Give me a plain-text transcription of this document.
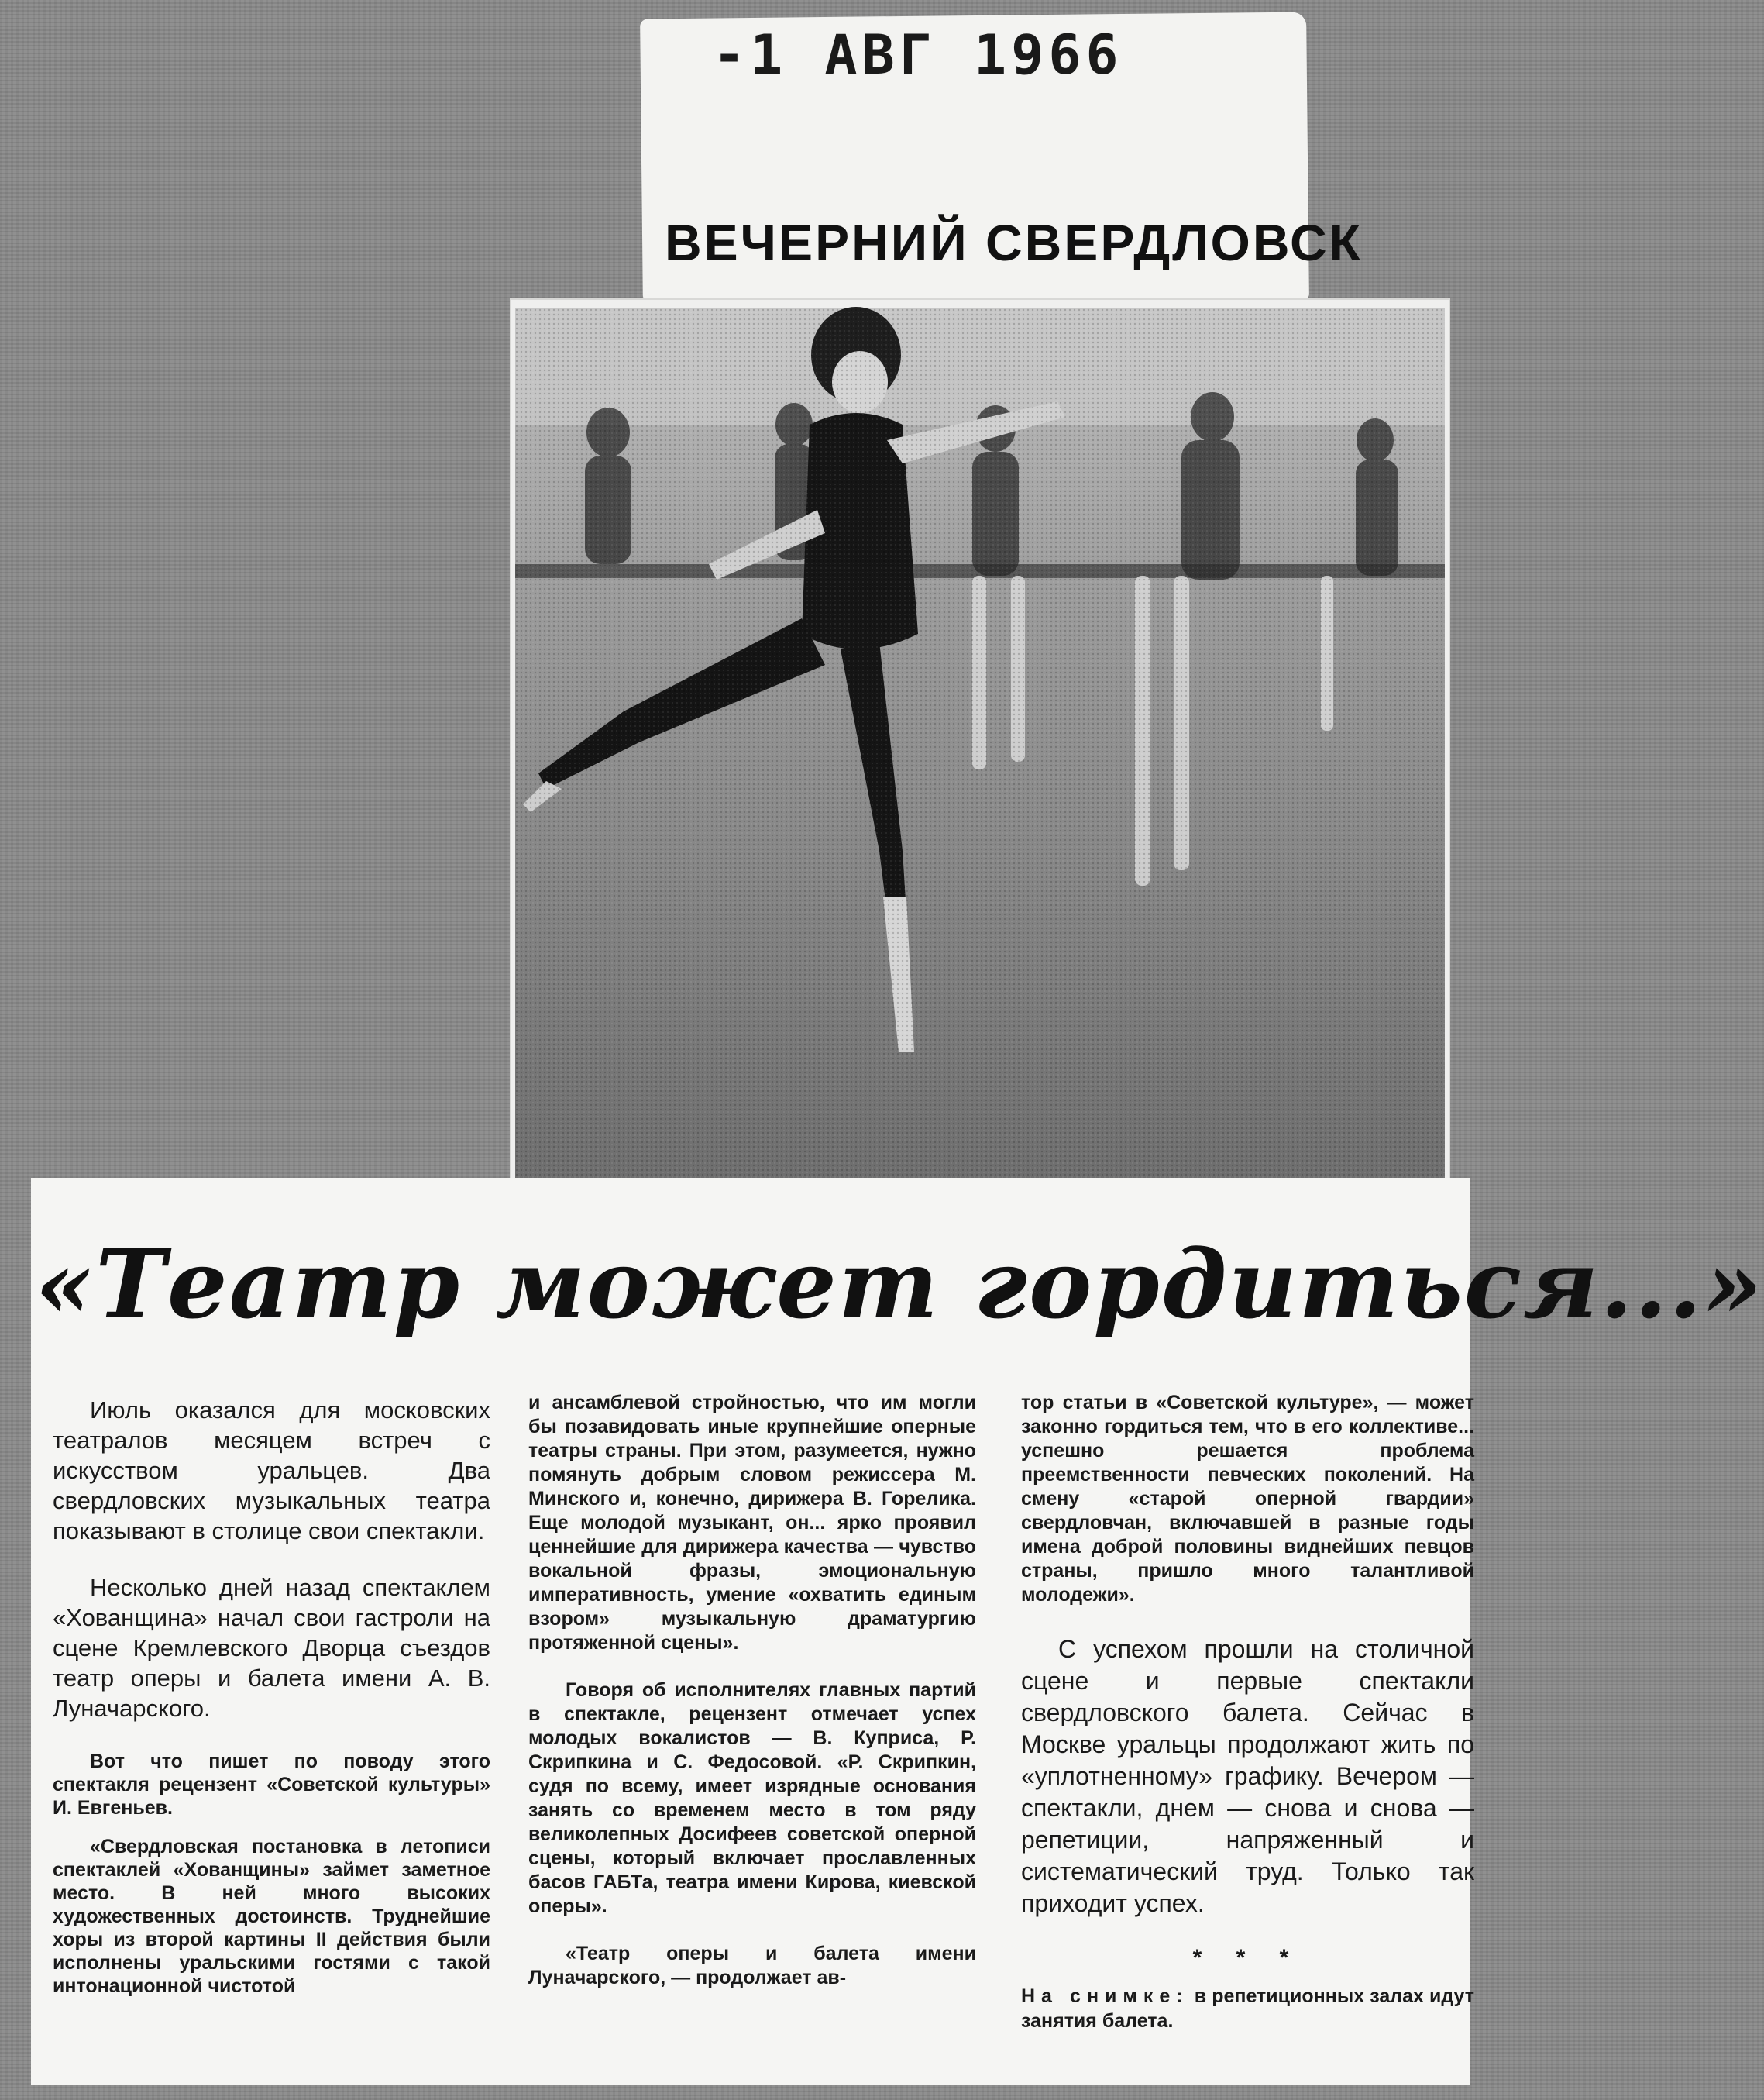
-1 АВГ 1966
ВЕЧЕРНИЙ СВЕРДЛОВСК
«Театр может гордиться...»

Июль оказался для московских театралов месяцем встреч с искусством уральцев. Два свердловских музыкальных театра показывают в столице свои спектакли.

Несколько дней назад спектаклем «Хованщина» начал свои гастроли на сцене Кремлевского Дворца съездов театр оперы и балета имени А. В. Луначарского.

Вот что пишет по поводу этого спектакля рецензент «Советской культуры» И. Евгеньев.

«Свердловская постановка в летописи спектаклей «Хованщины» займет заметное место. В ней много высоких художественных достоинств. Труднейшие хоры из второй картины II действия были исполнены уральскими гостями с такой интонационной чистотой

и ансамблевой стройностью, что им могли бы позавидовать иные крупнейшие оперные театры страны. При этом, разумеется, нужно помянуть добрым словом режиссера М. Минского и, конечно, дирижера В. Горелика. Еще молодой музыкант, он... ярко проявил ценнейшие для дирижера качества — чувство вокальной фразы, эмоциональную императивность, умение «охватить единым взором» музыкальную драматургию протяженной сцены».

Говоря об исполнителях главных партий в спектакле, рецензент отмечает успех молодых вокалистов — В. Куприса, Р. Скрипкина и С. Федосовой. «Р. Скрипкин, судя по всему, имеет изрядные основания занять со временем место в том ряду великолепных Досифеев советской оперной сцены, который включает прославленных басов ГАБТа, театра имени Кирова, киевской оперы».

«Театр оперы и балета имени Луначарского, — продолжает ав-

тор статьи в «Советской культуре», — может законно гордиться тем, что в его коллективе... успешно решается проблема преемственности певческих поколений. На смену «старой оперной гвардии» свердловчан, включавшей в разные годы имена доброй половины виднейших певцов страны, пришло много талантливой молодежи».

С успехом прошли на столичной сцене и первые спектакли свердловского балета. Сейчас в Москве уральцы продолжают жить по «уплотненному» графику. Вечером — спектакли, днем — снова и снова — репетиции, напряженный и систематический труд. Только так приходит успех.

* * *

На снимке: в репетиционных залах идут занятия балета.
